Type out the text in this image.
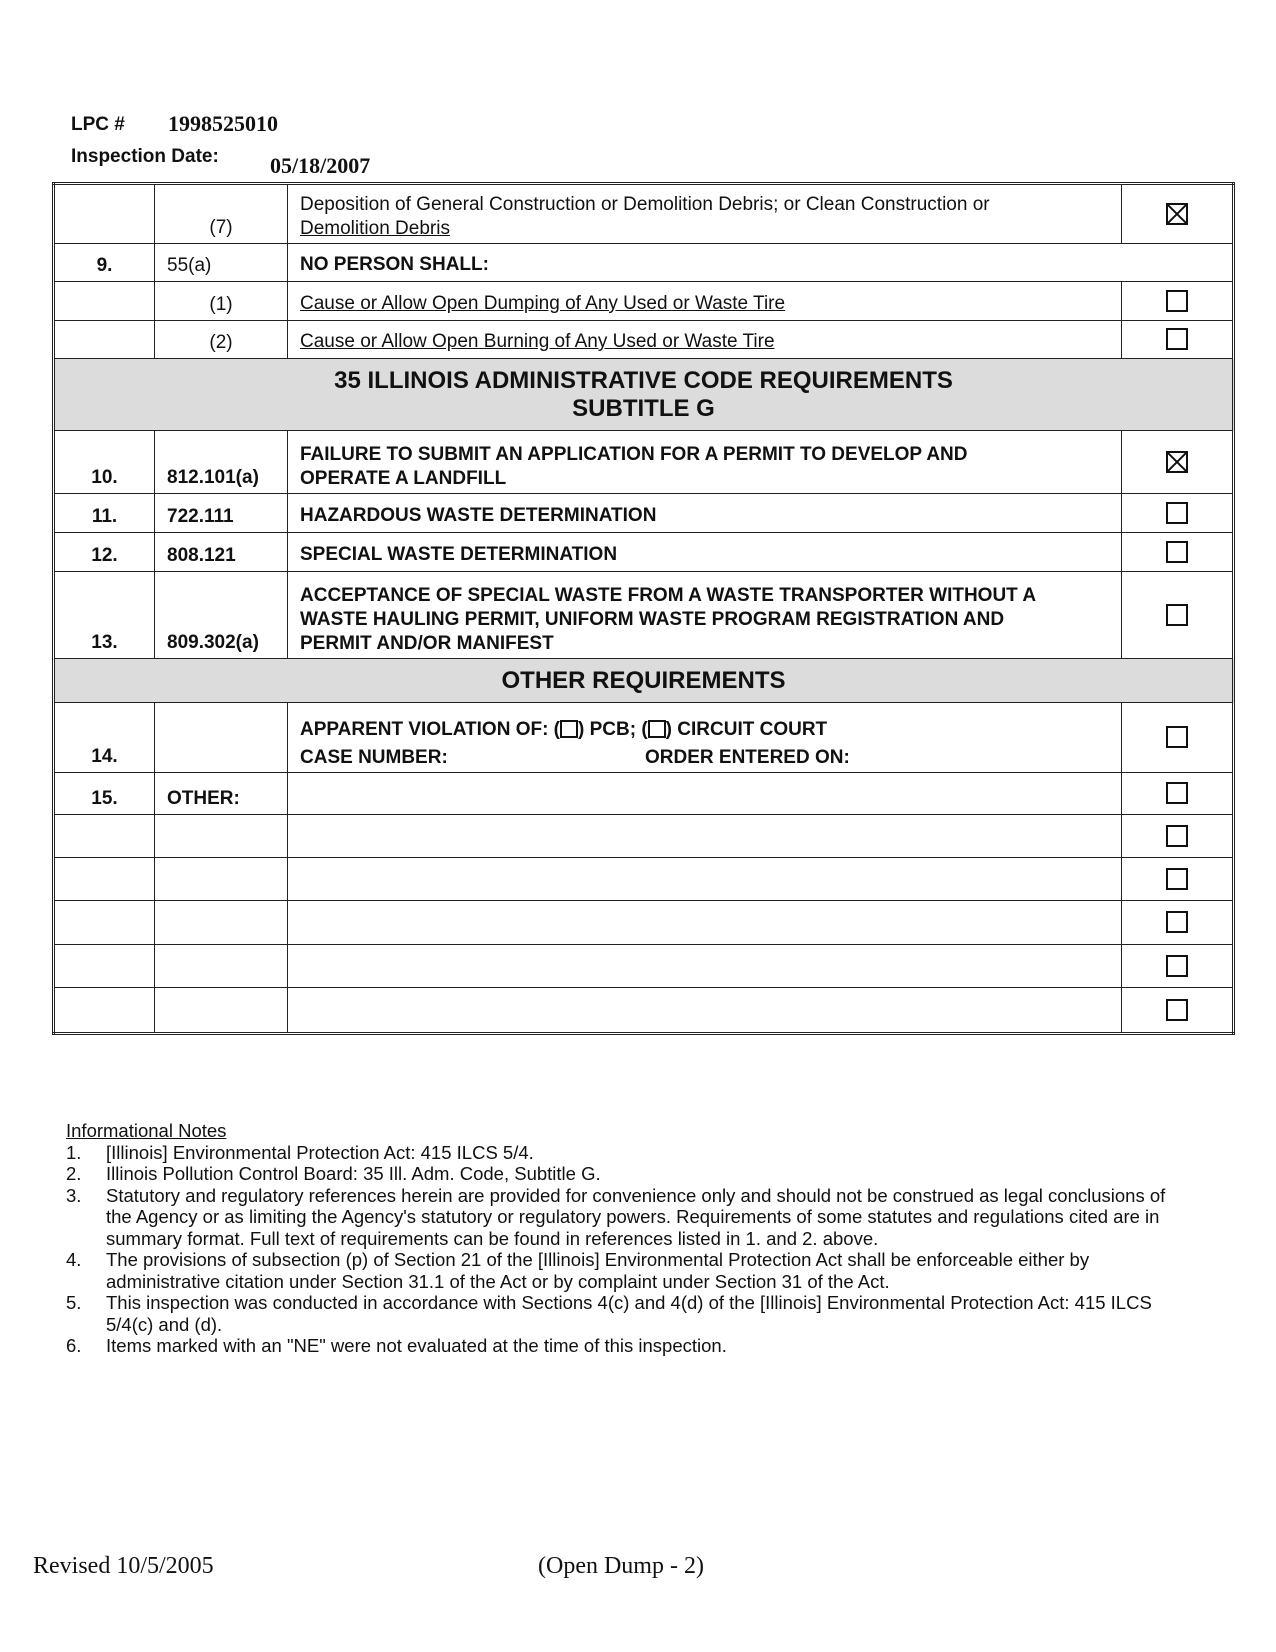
LPC # 1998525010
Inspection Date: 05/18/2007
	(7)	Deposition of General Construction or Demolition Debris; or Clean Construction or
Demolition Debris	

9.	55(a)	NO PERSON SHALL:	
	(1)	Cause or Allow Open Dumping of Any Used or Waste Tire	
	(2)	Cause or Allow Open Burning of Any Used or Waste Tire	

35 ILLINOIS ADMINISTRATIVE CODE REQUIREMENTS
SUBTITLE G			

10.	812.101(a)	FAILURE TO SUBMIT AN APPLICATION FOR A PERMIT TO DEVELOP AND
OPERATE A LANDFILL	

11.	722.111	HAZARDOUS WASTE DETERMINATION	
12.	808.121	SPECIAL WASTE DETERMINATION	
13.	809.302(a)	ACCEPTANCE OF SPECIAL WASTE FROM A WASTE TRANSPORTER WITHOUT A
WASTE HAULING PERMIT, UNIFORM WASTE PROGRAM REGISTRATION AND
PERMIT AND/OR MANIFEST	

OTHER REQUIREMENTS			

14.		APPARENT VIOLATION OF: ( ) PCB; ( ) CIRCUIT COURT
CASE NUMBER: ORDER ENTERED ON:	

15.	OTHER:		

Informational Notes
1.	[Illinois] Environmental Protection Act: 415 ILCS 5/4.
2.	Illinois Pollution Control Board: 35 Ill. Adm. Code, Subtitle G.
3.	Statutory and regulatory references herein are provided for convenience only and should not be construed as legal conclusions of the Agency or as limiting the Agency's statutory or regulatory powers. Requirements of some statutes and regulations cited are in summary format. Full text of requirements can be found in references listed in 1. and 2. above.
4.	The provisions of subsection (p) of Section 21 of the [Illinois] Environmental Protection Act shall be enforceable either by administrative citation under Section 31.1 of the Act or by complaint under Section 31 of the Act.
5.	This inspection was conducted in accordance with Sections 4(c) and 4(d) of the [Illinois] Environmental Protection Act: 415 ILCS 5/4(c) and (d).
6.	Items marked with an "NE" were not evaluated at the time of this inspection.
Revised 10/5/2005	(Open Dump - 2)
